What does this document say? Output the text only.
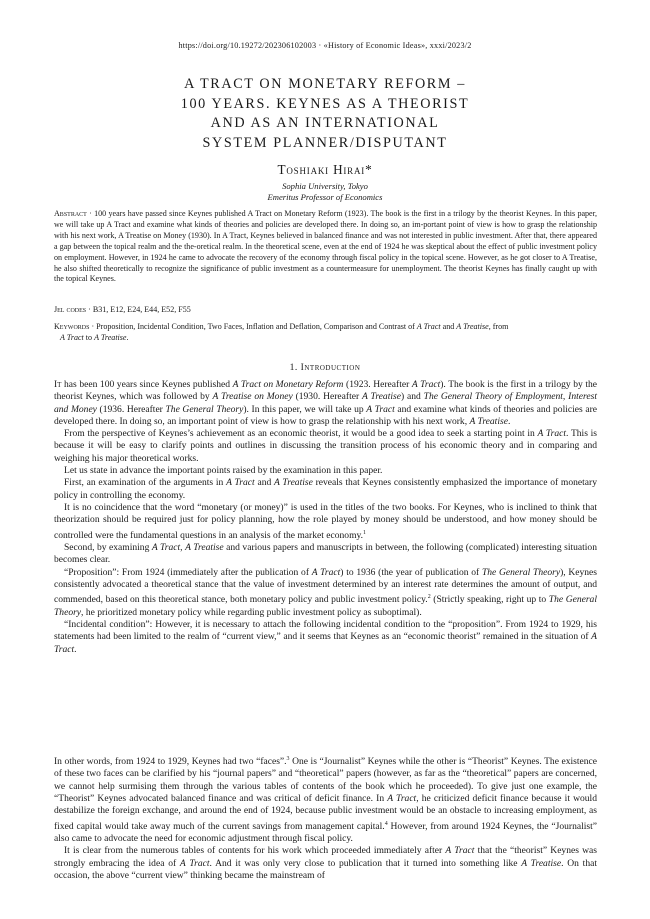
https://doi.org/10.19272/202306102003 · «History of Economic Ideas», xxxi/2023/2
A TRACT ON MONETARY REFORM –
100 YEARS. KEYNES AS A THEORIST
AND AS AN INTERNATIONAL
SYSTEM PLANNER/DISPUTANT
Toshiaki Hirai*
Sophia University, Tokyo
Emeritus Professor of Economics
Abstract · 100 years have passed since Keynes published A Tract on Monetary Reform (1923). The book is the first in a trilogy by the theorist Keynes. In this paper, we will take up A Tract and examine what kinds of theories and policies are developed there. In doing so, an im-portant point of view is how to grasp the relationship with his next work, A Treatise on Money (1930). In A Tract, Keynes believed in balanced finance and was not interested in public investment. After that, there appeared a gap between the topical realm and the the-oretical realm. In the theoretical scene, even at the end of 1924 he was skeptical about the effect of public investment policy on employment. However, in 1924 he came to advocate the recovery of the economy through fiscal policy in the topical scene. However, as he got closer to A Treatise, he also shifted theoretically to recognize the significance of public investment as a countermeasure for unemployment. The theorist Keynes has finally caught up with the topical Keynes.
Jel codes · B31, E12, E24, E44, E52, F55
Keywords · Proposition, Incidental Condition, Two Faces, Inflation and Deflation, Comparison and Contrast of A Tract and A Treatise, from
A Tract to A Treatise.
1. Introduction

It has been 100 years since Keynes published A Tract on Monetary Reform (1923. Hereafter A Tract). The book is the first in a trilogy by the theorist Keynes, which was followed by A Treatise on Money (1930. Hereafter A Treatise) and The General Theory of Employment, Interest and Money (1936. Hereafter The General Theory). In this paper, we will take up A Tract and examine what kinds of theories and policies are developed there. In doing so, an important point of view is how to grasp the relationship with his next work, A Treatise.

From the perspective of Keynes’s achievement as an economic theorist, it would be a good idea to seek a starting point in A Tract. This is because it will be easy to clarify points and outlines in discussing the transition process of his economic theory and in comparing and weighing his major theoretical works.

Let us state in advance the important points raised by the examination in this paper.

First, an examination of the arguments in A Tract and A Treatise reveals that Keynes consistently emphasized the importance of monetary policy in controlling the economy.

It is no coincidence that the word “monetary (or money)” is used in the titles of the two books. For Keynes, who is inclined to think that theorization should be required just for policy planning, how the role played by money should be understood, and how money should be controlled were the fundamental questions in an analysis of the market economy.$^1$

Second, by examining A Tract, A Treatise and various papers and manuscripts in between, the following (complicated) interesting situation becomes clear.

“Proposition”: From 1924 (immediately after the publication of A Tract) to 1936 (the year of publication of The General Theory), Keynes consistently advocated a theoretical stance that the value of investment determined by an interest rate determines the amount of output, and commended, based on this theoretical stance, both monetary policy and public investment policy.$^2$ (Strictly speaking, right up to The General Theory, he prioritized monetary policy while regarding public investment policy as suboptimal).

“Incidental condition”: However, it is necessary to attach the following incidental condition to the “proposition”. From 1924 to 1929, his statements had been limited to the realm of “current view,” and it seems that Keynes as an “economic theorist” remained in the situation of A Tract.

In other words, from 1924 to 1929, Keynes had two “faces”.$^3$ One is “Journalist” Keynes while the other is “Theorist” Keynes. The existence of these two faces can be clarified by his “journal papers” and “theoretical” papers (however, as far as the “theoretical” papers are concerned, we cannot help surmising them through the various tables of contents of the book which he proceeded). To give just one example, the “Theorist” Keynes advocated balanced finance and was critical of deficit finance. In A Tract, he criticized deficit finance because it would destabilize the foreign exchange, and around the end of 1924, because public investment would be an obstacle to increasing employment, as fixed capital would take away much of the current savings from management capital.$^4$ However, from around 1924 Keynes, the “Journalist” also came to advocate the need for economic adjustment through fiscal policy.

It is clear from the numerous tables of contents for his work which proceeded immediately after A Tract that the “theorist” Keynes was strongly embracing the idea of A Tract. And it was only very close to publication that it turned into something like A Treatise. On that occasion, the above “current view” thinking became the mainstream of
